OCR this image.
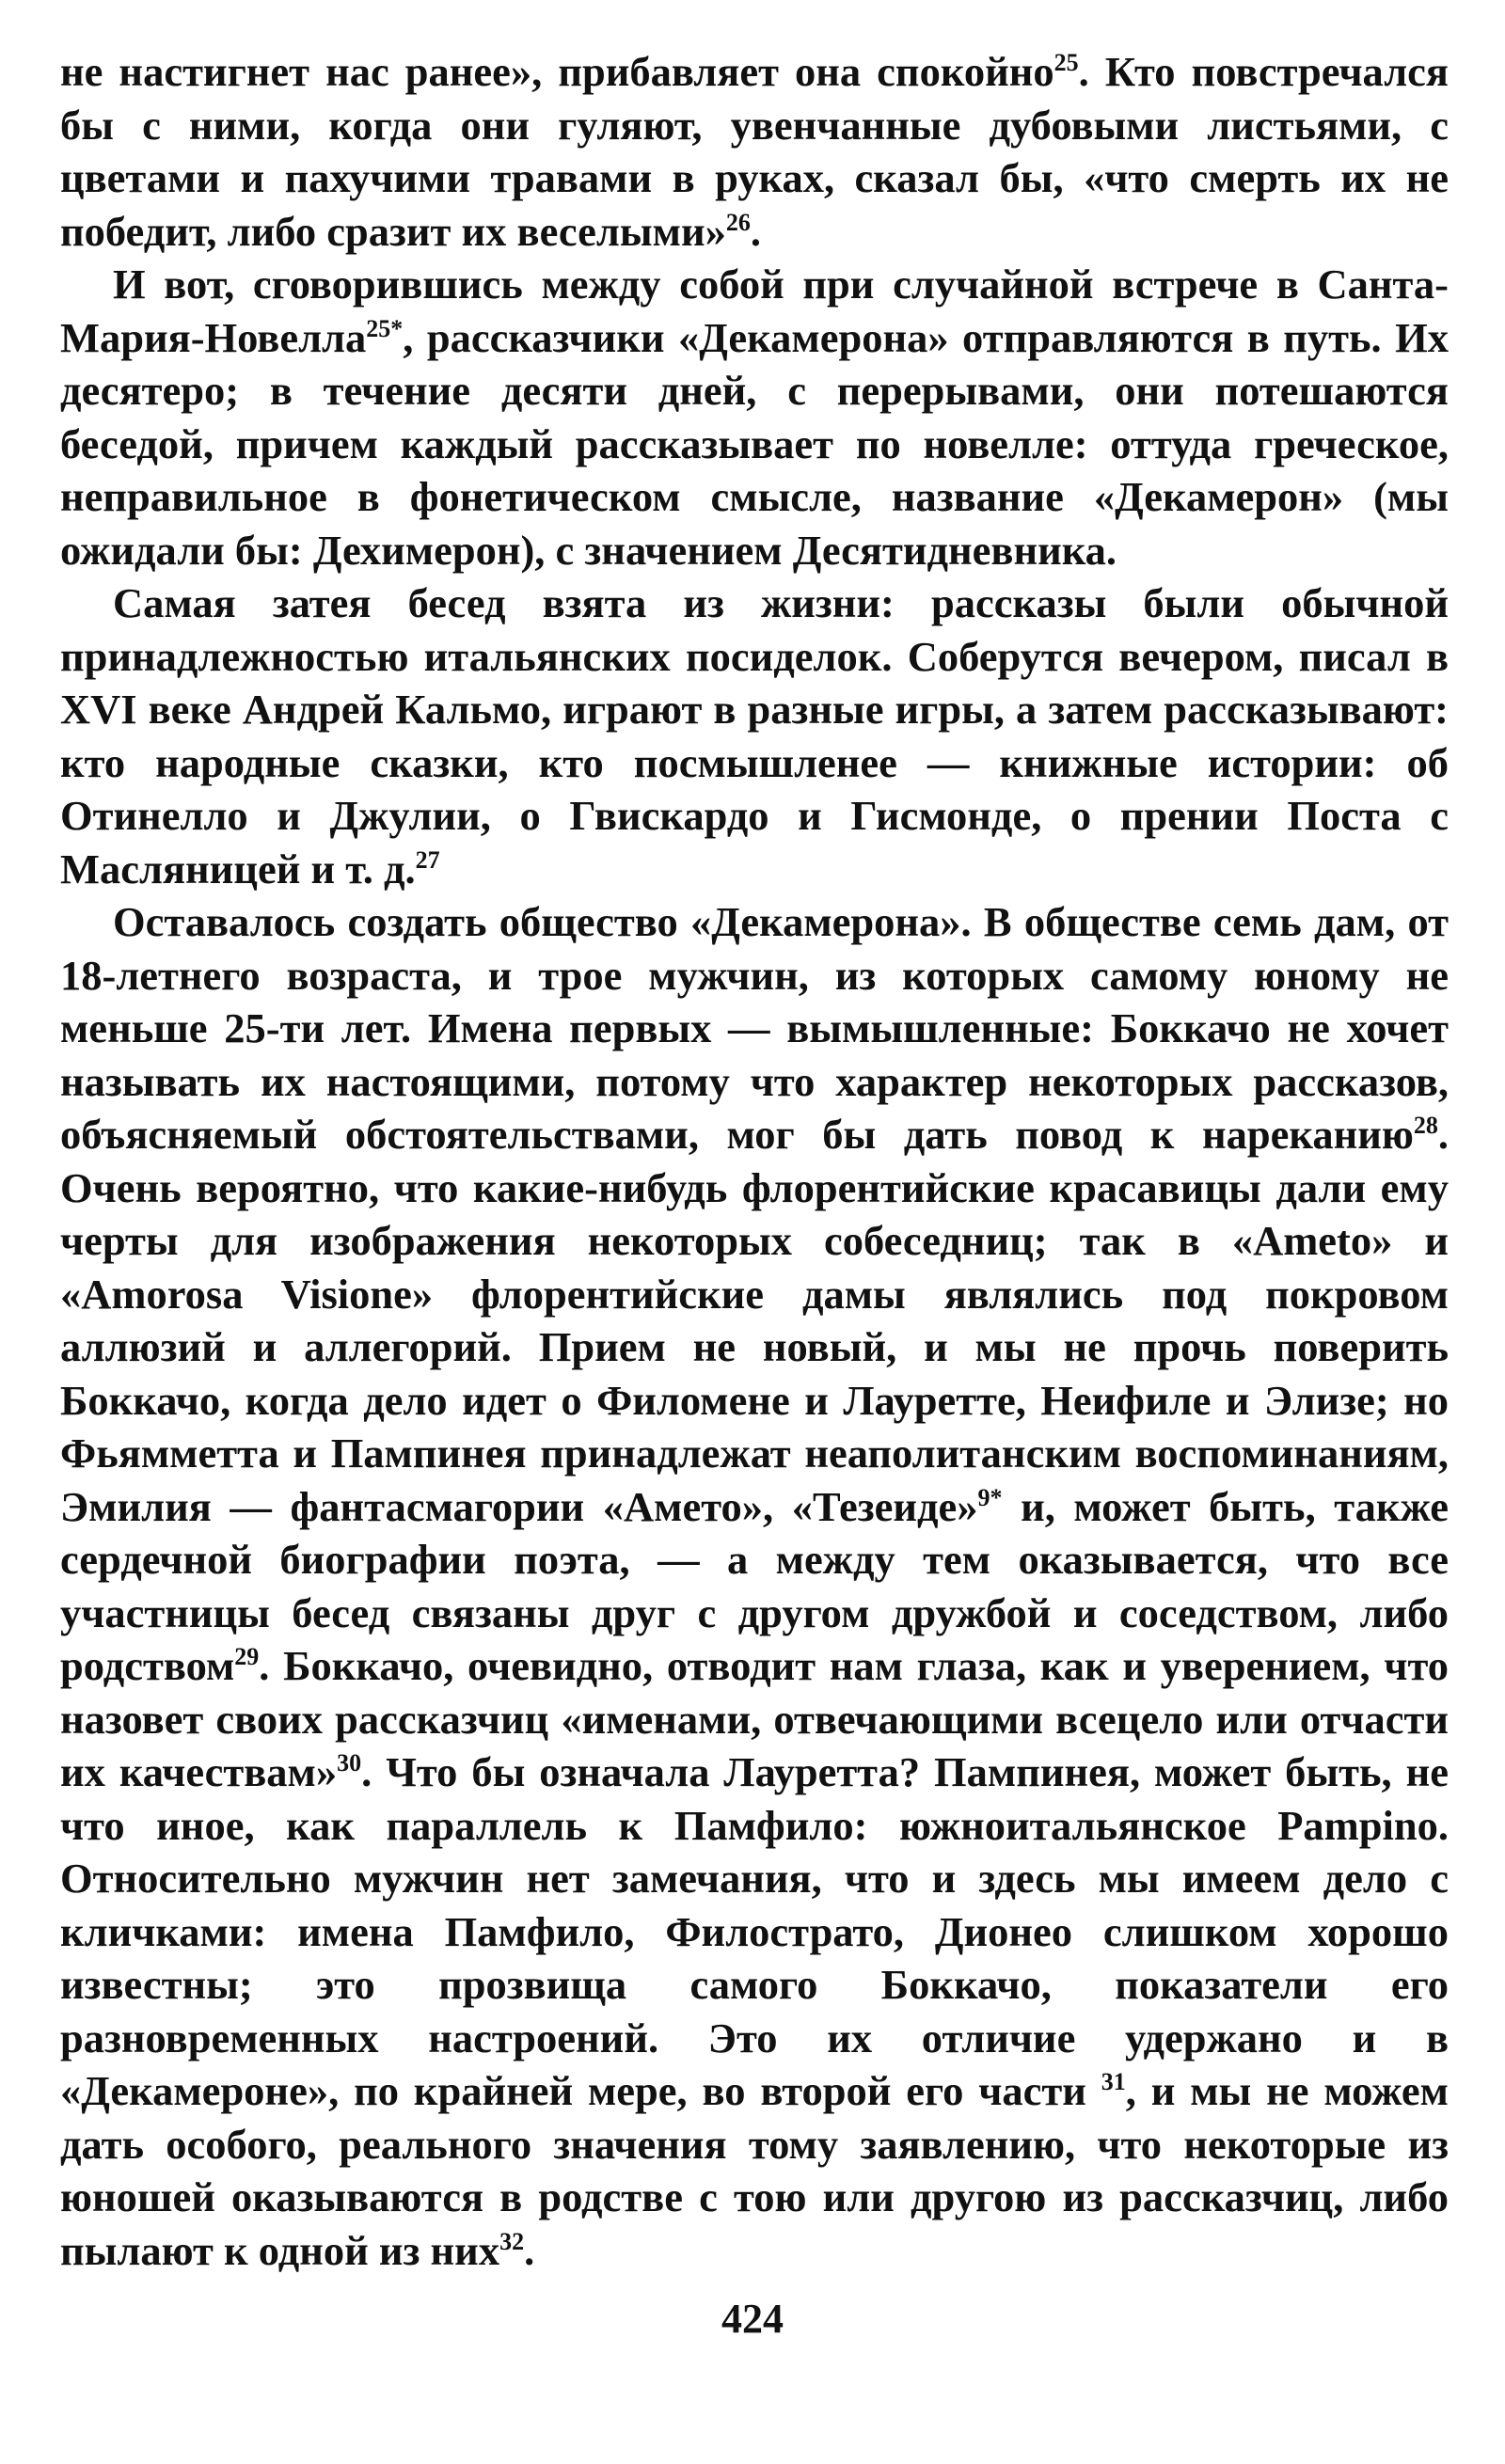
не настигнет нас ранее», прибавляет она спокойно$^{25}$. Кто повстречался бы с ними, когда они гуляют, увенчанные дубовыми листьями, с цветами и пахучими травами в руках, сказал бы, «что смерть их не победит, либо сразит их веселыми»$^{26}$.

И вот, сговорившись между собой при случайной встрече в Санта-Мария-Новелла$^{25*}$, рассказчики «Декамерона» отправляются в путь. Их десятеро; в течение десяти дней, с перерывами, они потешаются беседой, причем каждый рассказывает по новелле: оттуда греческое, неправильное в фонетическом смысле, название «Декамерон» (мы ожидали бы: Дехимерон), с значением Десятидневника.

Самая затея бесед взята из жизни: рассказы были обычной принадлежностью итальянских посиделок. Соберутся вечером, писал в XVI веке Андрей Кальмо, играют в разные игры, а затем рассказывают: кто народные сказки, кто посмышленее — книжные истории: об Отинелло и Джулии, о Гвискардо и Гисмонде, о прении Поста с Масляницей и т. д.$^{27}$

Оставалось создать общество «Декамерона». В обществе семь дам, от 18-летнего возраста, и трое мужчин, из которых самому юному не меньше 25-ти лет. Имена первых — вымышленные: Боккачо не хочет называть их настоящими, потому что характер некоторых рассказов, объясняемый обстоятельствами, мог бы дать повод к нареканию$^{28}$. Очень вероятно, что какие-нибудь флорентийские красавицы дали ему черты для изображения некоторых собеседниц; так в «Ameto» и «Amorosa Visione» флорентийские дамы являлись под покровом аллюзий и аллегорий. Прием не новый, и мы не прочь поверить Боккачо, когда дело идет о Филомене и Лауретте, Неифиле и Элизе; но Фьямметта и Пампинея принадлежат неаполитанским воспоминаниям, Эмилия — фантасмагории «Амето», «Тезеиде»$^{9*}$ и, может быть, также сердечной биографии поэта, — а между тем оказывается, что все участницы бесед связаны друг с другом дружбой и соседством, либо родством$^{29}$. Боккачо, очевидно, отводит нам глаза, как и уверением, что назовет своих рассказчиц «именами, отвечающими всецело или отчасти их качествам»$^{30}$. Что бы означала Лауретта? Пампинея, может быть, не что иное, как параллель к Памфило: южноитальянское Pampino. Относительно мужчин нет замечания, что и здесь мы имеем дело с кличками: имена Памфило, Филострато, Дионео слишком хорошо известны; это прозвища самого Боккачо, показатели его разновременных настроений. Это их отличие удержано и в «Декамероне», по крайней мере, во второй его части $^{31}$, и мы не можем дать особого, реального значения тому заявлению, что некоторые из юношей оказываются в родстве с тою или другою из рассказчиц, либо пылают к одной из них$^{32}$.

424
